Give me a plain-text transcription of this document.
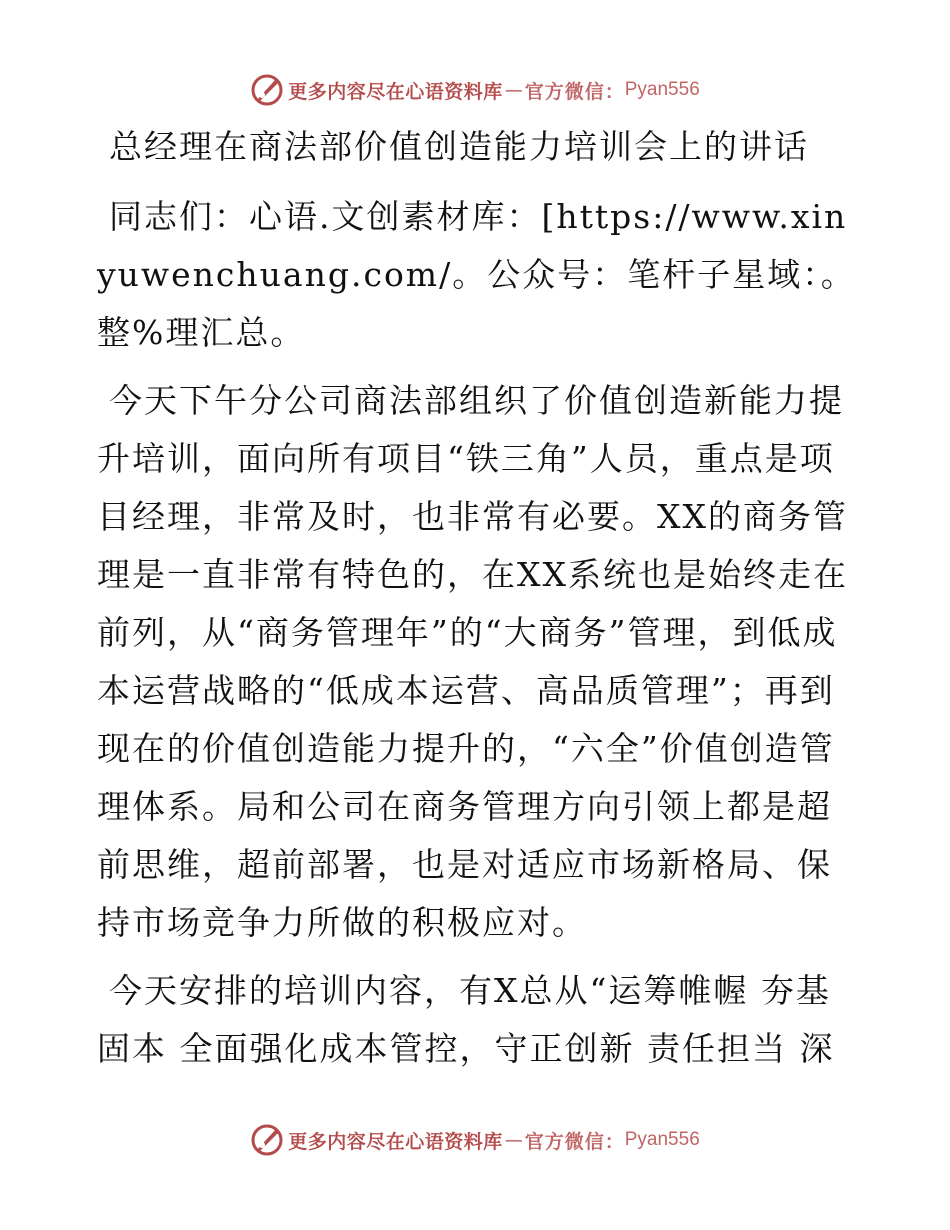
更多内容尽在心语资料库 — 官方微信： Pyan556

总经理在商法部价值创造能力培训会上的讲话

同志们：心语.文创素材库：[https://www.xinyuwenchuang.com/。公众号：笔杆子星域：。整%理汇总。

今天下午分公司商法部组织了价值创造新能力提升培训，面向所有项目“铁三角”人员，重点是项目经理，非常及时，也非常有必要。XX的商务管理是一直非常有特色的，在XX系统也是始终走在前列，从“商务管理年”的“大商务”管理，到低成本运营战略的“低成本运营、高品质管理”；再到现在的价值创造能力提升的，“六全”价值创造管理体系。局和公司在商务管理方向引领上都是超前思维，超前部署，也是对适应市场新格局、保持市场竞争力所做的积极应对。

今天安排的培训内容，有X总从“运筹帷幄 夯基固本 全面强化成本管控，守正创新 责任担当 深

更多内容尽在心语资料库 — 官方微信： Pyan556
